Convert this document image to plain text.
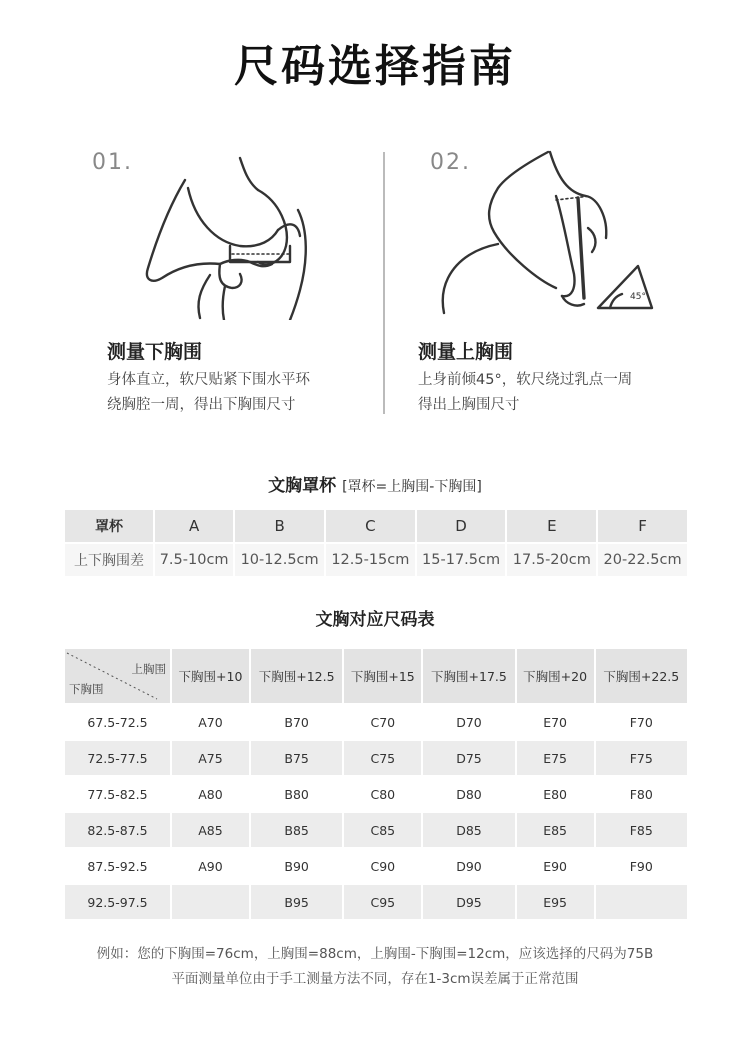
尺码选择指南
01.	02.
45°
测量下胸围
身体直立，软尺贴紧下围水平环
绕胸腔一周，得出下胸围尺寸
测量上胸围
上身前倾45°，软尺绕过乳点一周
得出上胸围尺寸
文胸罩杯 [罩杯=上胸围-下胸围]
罩杯	A	B	C	D	E	F
上下胸围差	7.5-10cm	10-12.5cm	12.5-15cm	15-17.5cm	17.5-20cm	20-22.5cm
文胸对应尺码表
上胸围
下胸围	下胸围+10	下胸围+12.5	下胸围+15	下胸围+17.5	下胸围+20	下胸围+22.5
67.5-72.5	A70	B70	C70	D70	E70	F70
72.5-77.5	A75	B75	C75	D75	E75	F75
77.5-82.5	A80	B80	C80	D80	E80	F80
82.5-87.5	A85	B85	C85	D85	E85	F85
87.5-92.5	A90	B90	C90	D90	E90	F90
92.5-97.5		B95	C95	D95	E95	
例如：您的下胸围=76cm，上胸围=88cm，上胸围-下胸围=12cm，应该选择的尺码为75B
平面测量单位由于手工测量方法不同，存在1-3cm误差属于正常范围
